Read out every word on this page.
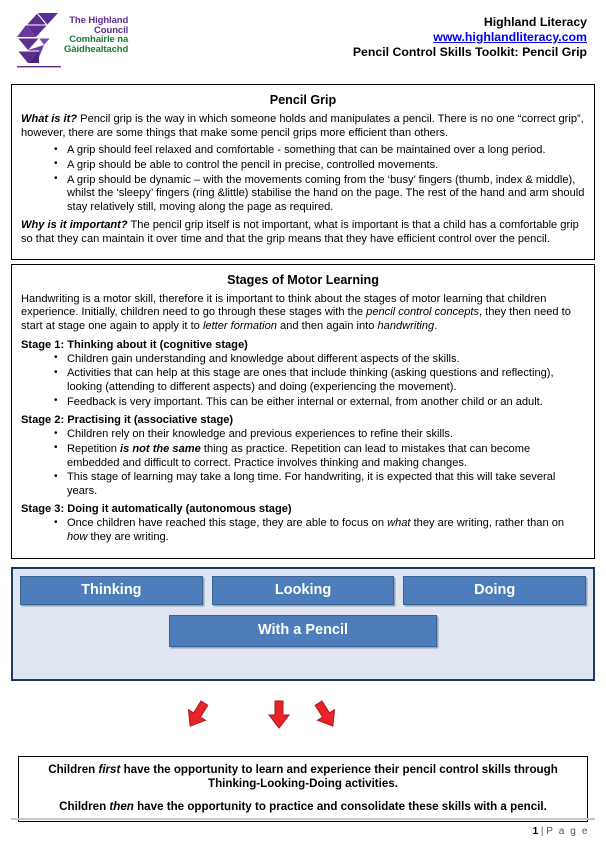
The Highland
Council
Comhairle na
Gàidhealtachd
Highland Literacy
www.highlandliteracy.com
Pencil Control Skills Toolkit: Pencil Grip
Pencil Grip

What is it? Pencil grip is the way in which someone holds and manipulates a pencil. There is no one “correct grip”, however, there are some things that make some pencil grips more efficient than others.

• A grip should feel relaxed and comfortable - something that can be maintained over a long period.
• A grip should be able to control the pencil in precise, controlled movements.
• A grip should be dynamic – with the movements coming from the ‘busy’ fingers (thumb, index & middle), whilst the ‘sleepy’ fingers (ring &little) stabilise the hand on the page. The rest of the hand and arm should stay relatively still, moving along the page as required.

Why is it important? The pencil grip itself is not important, what is important is that a child has a comfortable grip so that they can maintain it over time and that the grip means that they have efficient control over the pencil.

Stages of Motor Learning

Handwriting is a motor skill, therefore it is important to think about the stages of motor learning that children experience. Initially, children need to go through these stages with the pencil control concepts, they then need to start at stage one again to apply it to letter formation and then again into handwriting.

Stage 1: Thinking about it (cognitive stage)
• Children gain understanding and knowledge about different aspects of the skills.
• Activities that can help at this stage are ones that include thinking (asking questions and reflecting), looking (attending to different aspects) and doing (experiencing the movement).
• Feedback is very important. This can be either internal or external, from another child or an adult.
Stage 2: Practising it (associative stage)
• Children rely on their knowledge and previous experiences to refine their skills.
• Repetition is not the same thing as practice. Repetition can lead to mistakes that can become embedded and difficult to correct. Practice involves thinking and making changes.
• This stage of learning may take a long time. For handwriting, it is expected that this will take several years.
Stage 3: Doing it automatically (autonomous stage)
• Once children have reached this stage, they are able to focus on what they are writing, rather than on how they are writing.
Thinking	Looking	Doing
With a Pencil

Children first have the opportunity to learn and experience their pencil control skills through Thinking-Looking-Doing activities.

Children then have the opportunity to practice and consolidate these skills with a pencil.

1 | P a g e
